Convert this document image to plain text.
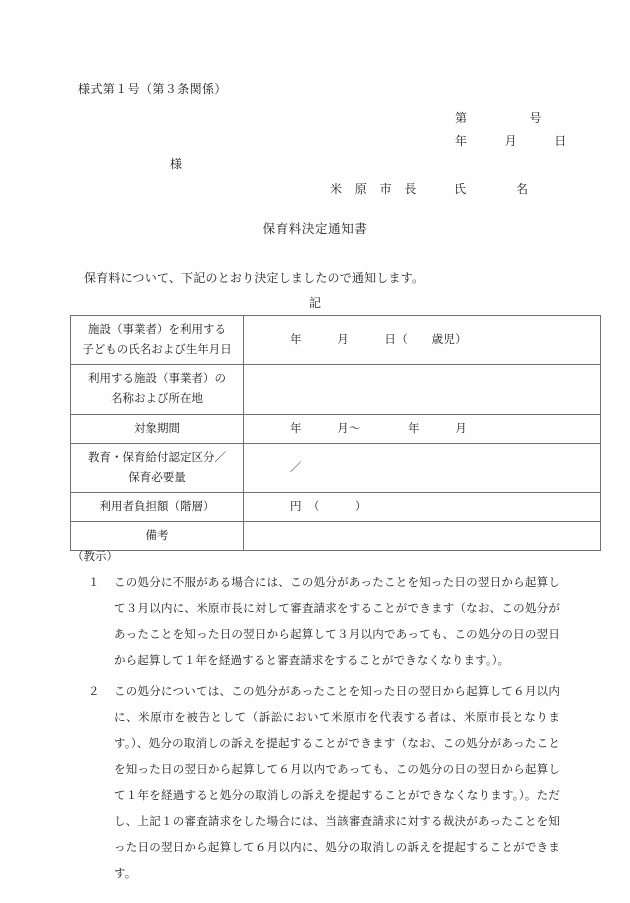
様式第１号（第３条関係）
第　　　　　号
年　　　月　　　日
様
米　原　市　長　　　氏　　　　名
保育料決定通知書
保育料について、下記のとおり決定しましたので通知します。
記
施設（事業者）を利用する
子どもの氏名および生年月日	年　　　月　　　日（　　歳児）
利用する施設（事業者）の
名称および所在地	

対象期間	年　　　月～　　　　年　　　月
教育・保育給付認定区分／
保育必要量	／
利用者負担額（階層）	円　（　　　）
備考	
（教示）
１	この処分に不服がある場合には、この処分があったことを知った日の翌日から起算して３月以内に、米原市長に対して審査請求をすることができます（なお、この処分があったことを知った日の翌日から起算して３月以内であっても、この処分の日の翌日から起算して１年を経過すると審査請求をすることができなくなります。）。
２	この処分については、この処分があったことを知った日の翌日から起算して６月以内に、米原市を被告として（訴訟において米原市を代表する者は、米原市長となります。）、処分の取消しの訴えを提起することができます（なお、この処分があったことを知った日の翌日から起算して６月以内であっても、この処分の日の翌日から起算して１年を経過すると処分の取消しの訴えを提起することができなくなります。）。ただし、上記１の審査請求をした場合には、当該審査請求に対する裁決があったことを知った日の翌日から起算して６月以内に、処分の取消しの訴えを提起することができます。
